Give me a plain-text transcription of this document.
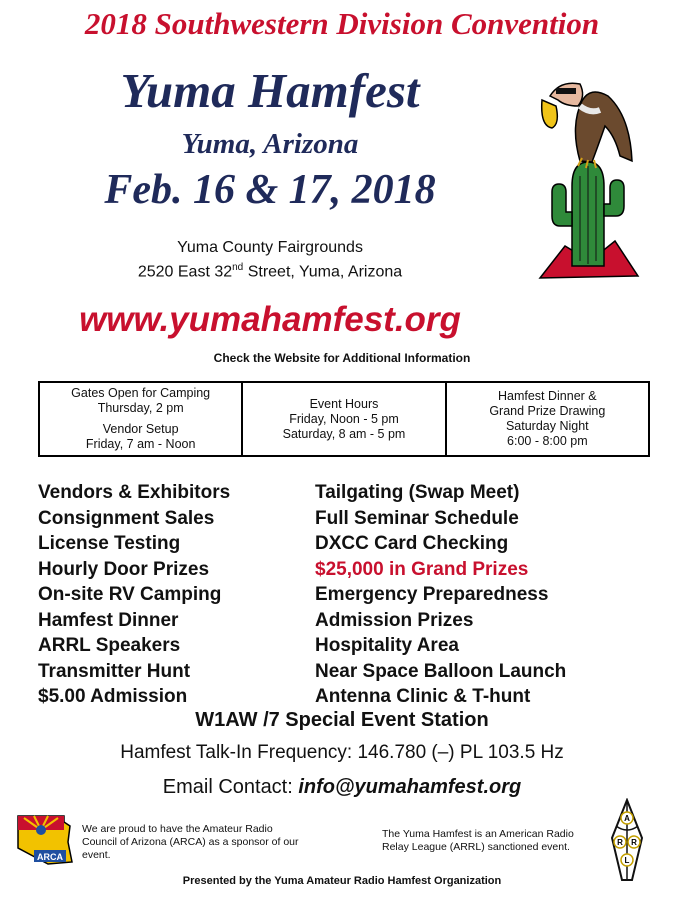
2018 Southwestern Division Convention
Yuma Hamfest
Yuma, Arizona
Feb. 16 & 17, 2018
Yuma County Fairgrounds
2520 East 32nd Street, Yuma, Arizona
www.yumahamfest.org
Check the Website for Additional Information
Gates Open for Camping
Thursday, 2 pm
Vendor Setup
Friday, 7 am - Noon
Event Hours
Friday, Noon - 5 pm
Saturday, 8 am - 5 pm
Hamfest Dinner &
Grand Prize Drawing
Saturday Night
6:00 - 8:00 pm
Vendors & Exhibitors
Consignment Sales
License Testing
Hourly Door Prizes
On-site RV Camping
Hamfest Dinner
ARRL Speakers
Transmitter Hunt
$5.00 Admission
Tailgating (Swap Meet)
Full Seminar Schedule
DXCC Card Checking
$25,000 in Grand Prizes
Emergency Preparedness
Admission Prizes
Hospitality Area
Near Space Balloon Launch
Antenna Clinic & T-hunt
W1AW /7 Special Event Station
Hamfest Talk-In Frequency: 146.780 (–) PL 103.5 Hz
Email Contact: info@yumahamfest.org
ARCA
We are proud to have the Amateur Radio Council of Arizona (ARCA) as a sponsor of our event.
The Yuma Hamfest is an American Radio Relay League (ARRL) sanctioned event.
A
R R
L
Presented by the Yuma Amateur Radio Hamfest Organization
